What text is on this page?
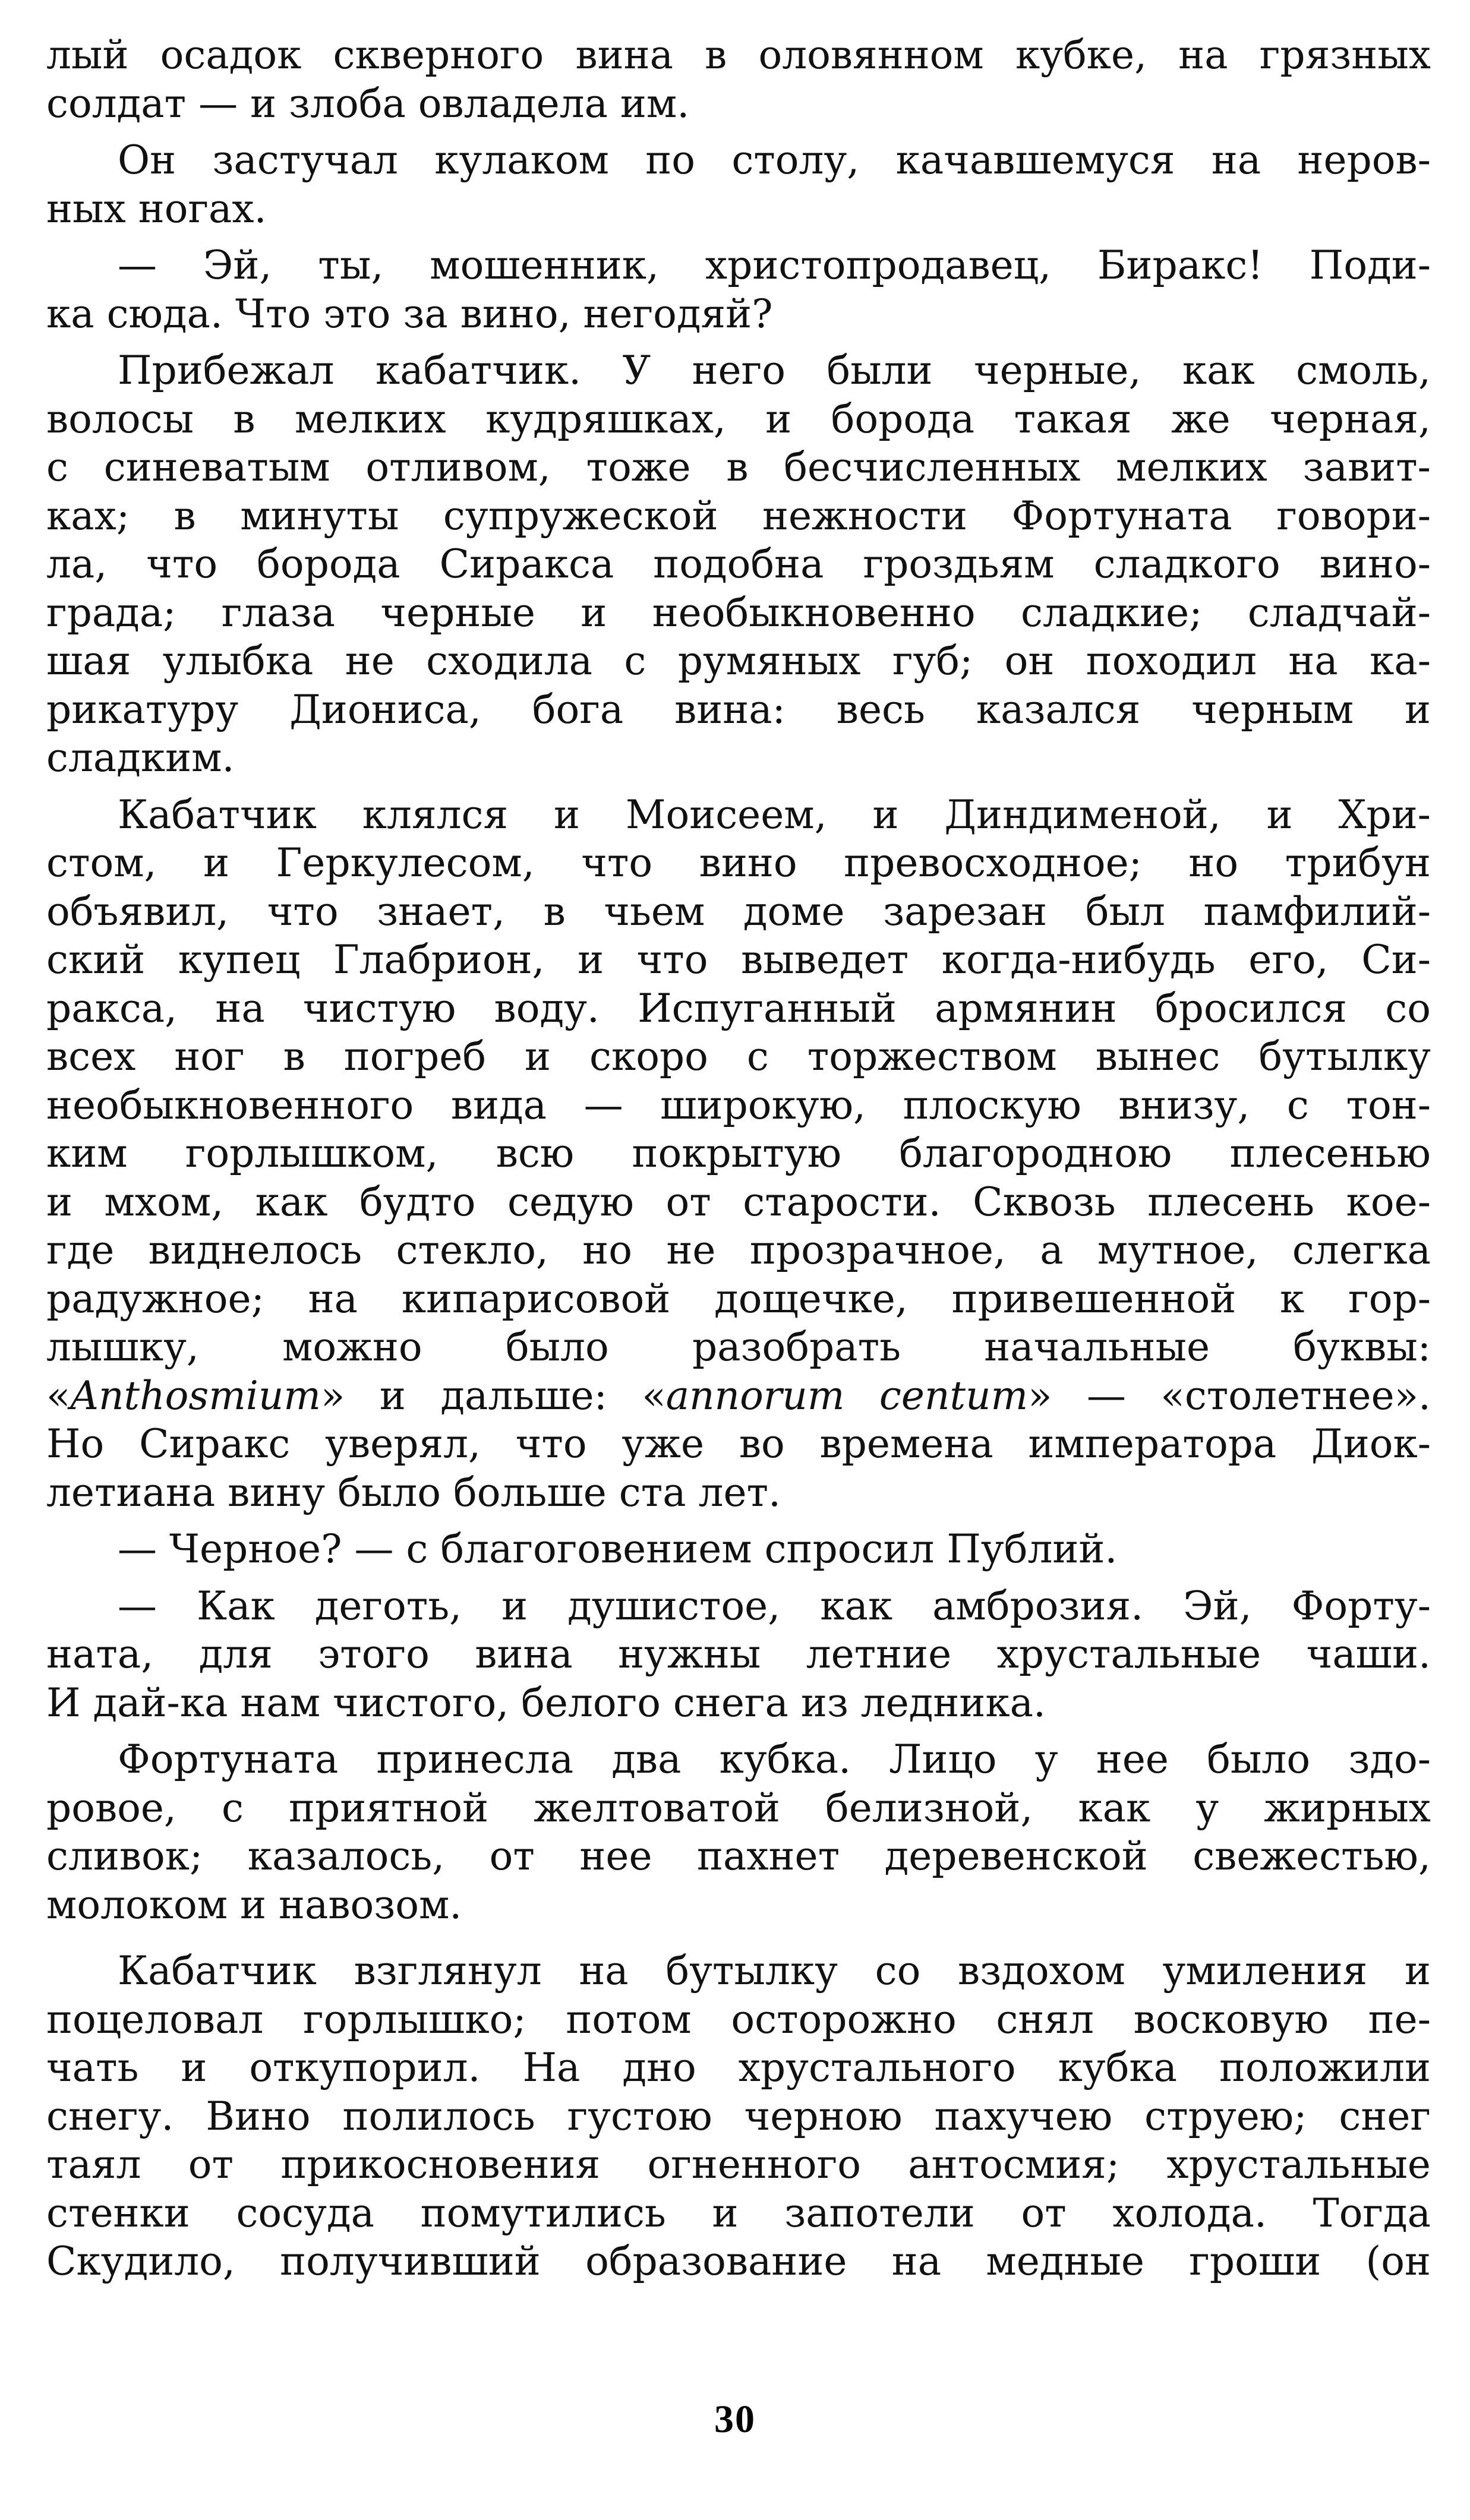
лый осадок скверного вина в оловянном кубке, на грязных
солдат — и злоба овладела им.
Он застучал кулаком по столу, качавшемуся на неров-
ных ногах.
— Эй, ты, мошенник, христопродавец, Биракс! Поди-
ка сюда. Что это за вино, негодяй?
Прибежал кабатчик. У него были черные, как смоль,
волосы в мелких кудряшках, и борода такая же черная,
с синеватым отливом, тоже в бесчисленных мелких завит-
ках; в минуты супружеской нежности Фортуната говори-
ла, что борода Сиракса подобна гроздьям сладкого вино-
града; глаза черные и необыкновенно сладкие; сладчай-
шая улыбка не сходила с румяных губ; он походил на ка-
рикатуру Диониса, бога вина: весь казался черным и
сладким.
Кабатчик клялся и Моисеем, и Диндименой, и Хри-
стом, и Геркулесом, что вино превосходное; но трибун
объявил, что знает, в чьем доме зарезан был памфилий-
ский купец Глабрион, и что выведет когда-нибудь его, Си-
ракса, на чистую воду. Испуганный армянин бросился со
всех ног в погреб и скоро с торжеством вынес бутылку
необыкновенного вида — широкую, плоскую внизу, с тон-
ким горлышком, всю покрытую благородною плесенью
и мхом, как будто седую от старости. Сквозь плесень кое-
где виднелось стекло, но не прозрачное, а мутное, слегка
радужное; на кипарисовой дощечке, привешенной к гор-
лышку, можно было разобрать начальные буквы:
«Anthosmium» и дальше: «annorum centum» — «столетнее».
Но Сиракс уверял, что уже во времена императора Диок-
летиана вину было больше ста лет.
— Черное? — с благоговением спросил Публий.
— Как деготь, и душистое, как амброзия. Эй, Форту-
ната, для этого вина нужны летние хрустальные чаши.
И дай-ка нам чистого, белого снега из ледника.
Фортуната принесла два кубка. Лицо у нее было здо-
ровое, с приятной желтоватой белизной, как у жирных
сливок; казалось, от нее пахнет деревенской свежестью,
молоком и навозом.
Кабатчик взглянул на бутылку со вздохом умиления и
поцеловал горлышко; потом осторожно снял восковую пе-
чать и откупорил. На дно хрустального кубка положили
снегу. Вино полилось густою черною пахучею струею; снег
таял от прикосновения огненного антосмия; хрустальные
стенки сосуда помутились и запотели от холода. Тогда
Скудило, получивший образование на медные гроши (он
30
